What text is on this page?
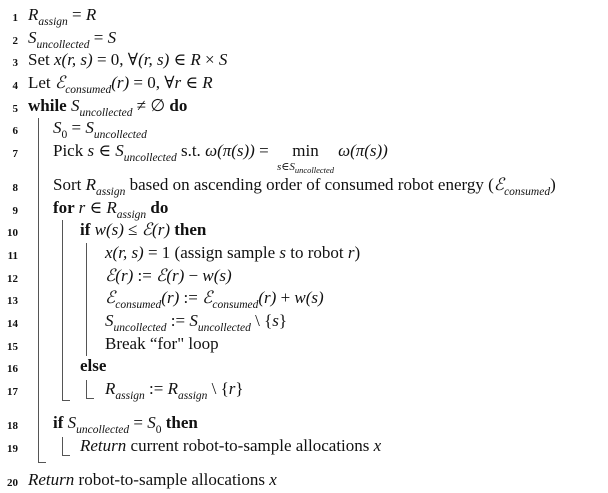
1 $R_{assign} = R$
2 $S_{uncollected} = S$
3 Set x(r, s) = 0, ∀(r, s) ∈ R × S
4 Let ℰ$_{consumed}$(r) = 0, ∀r ∈ R
5 while $S_{uncollected}$ ≠ ∅ do
6 $S_0 = S_{uncollected}$
7 Pick s ∈ $S_{uncollected}$ s.t. ω(π(s)) =	min
$s\in S_{uncollected}$
ω(π(s))
8 Sort $R_{assign}$ based on ascending order of consumed robot energy (ℰ$_{consumed}$)
9 for r ∈ $R_{assign}$ do
10	if w(s) ≤ ℰ(r) then
11	x(r, s) = 1 (assign sample s to robot r)
12	ℰ(r) := ℰ(r) − w(s)
13	ℰ$_{consumed}$(r) := ℰ$_{consumed}$(r) + w(s)
14	$S_{uncollected}$ := $S_{uncollected}$ \ {s}
15	Break “for" loop
16	else
17	$R_{assign}$ := $R_{assign}$ \ {r}
18 if $S_{uncollected} = S_0$ then
19	Return current robot-to-sample allocations x
20 Return robot-to-sample allocations x
